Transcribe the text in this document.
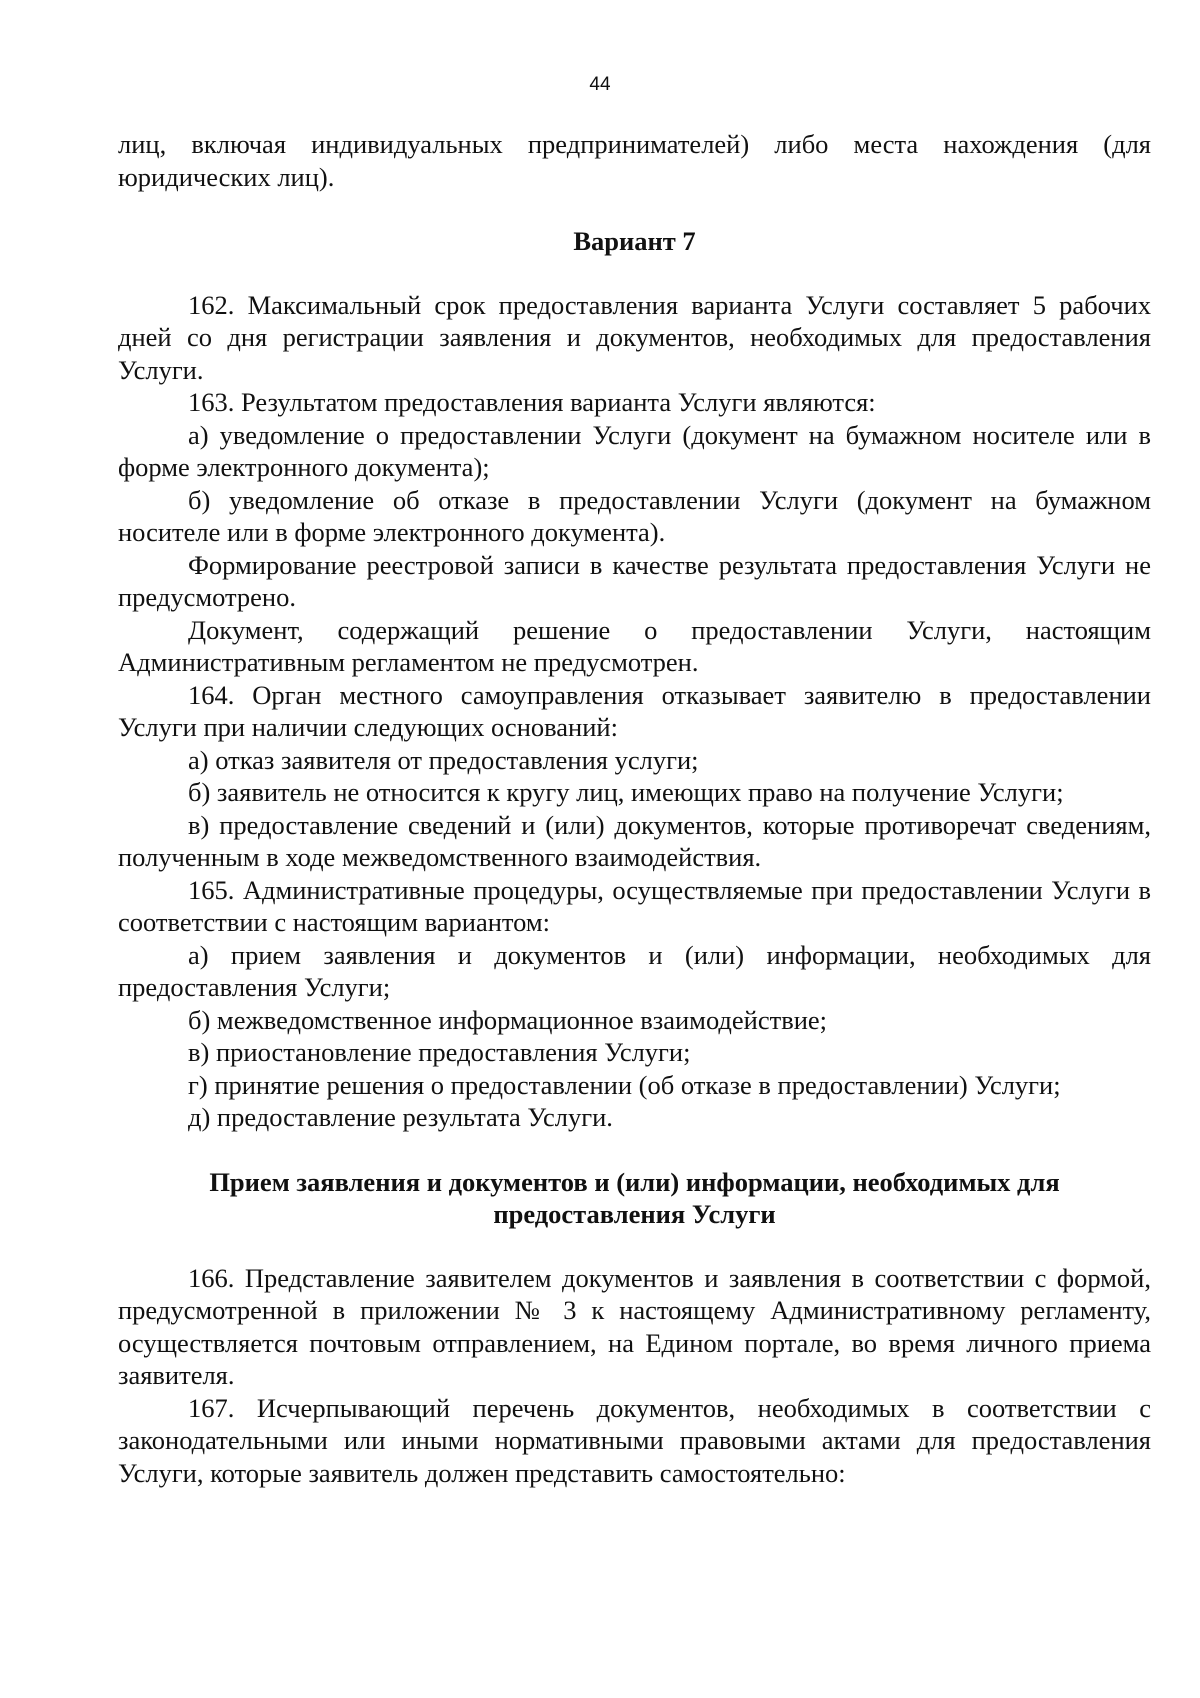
44

лиц, включая индивидуальных предпринимателей) либо места нахождения (для юридических лиц).

Вариант 7

162. Максимальный срок предоставления варианта Услуги составляет 5 рабочих дней со дня регистрации заявления и документов, необходимых для предоставления Услуги.

163. Результатом предоставления варианта Услуги являются:

а) уведомление о предоставлении Услуги (документ на бумажном носителе или в форме электронного документа);

б) уведомление об отказе в предоставлении Услуги (документ на бумажном носителе или в форме электронного документа).

Формирование реестровой записи в качестве результата предоставления Услуги не предусмотрено.

Документ, содержащий решение о предоставлении Услуги, настоящим Административным регламентом не предусмотрен.

164. Орган местного самоуправления отказывает заявителю в предоставлении Услуги при наличии следующих оснований:

а) отказ заявителя от предоставления услуги;

б) заявитель не относится к кругу лиц, имеющих право на получение Услуги;

в) предоставление сведений и (или) документов, которые противоречат сведениям, полученным в ходе межведомственного взаимодействия.

165. Административные процедуры, осуществляемые при предоставлении Услуги в соответствии с настоящим вариантом:

а) прием заявления и документов и (или) информации, необходимых для предоставления Услуги;

б) межведомственное информационное взаимодействие;

в) приостановление предоставления Услуги;

г) принятие решения о предоставлении (об отказе в предоставлении) Услуги;

д) предоставление результата Услуги.

Прием заявления и документов и (или) информации, необходимых для предоставления Услуги

166. Представление заявителем документов и заявления в соответствии с формой, предусмотренной в приложении № 3 к настоящему Административному регламенту, осуществляется почтовым отправлением, на Едином портале, во время личного приема заявителя.

167. Исчерпывающий перечень документов, необходимых в соответствии с законодательными или иными нормативными правовыми актами для предоставления Услуги, которые заявитель должен представить самостоятельно:
